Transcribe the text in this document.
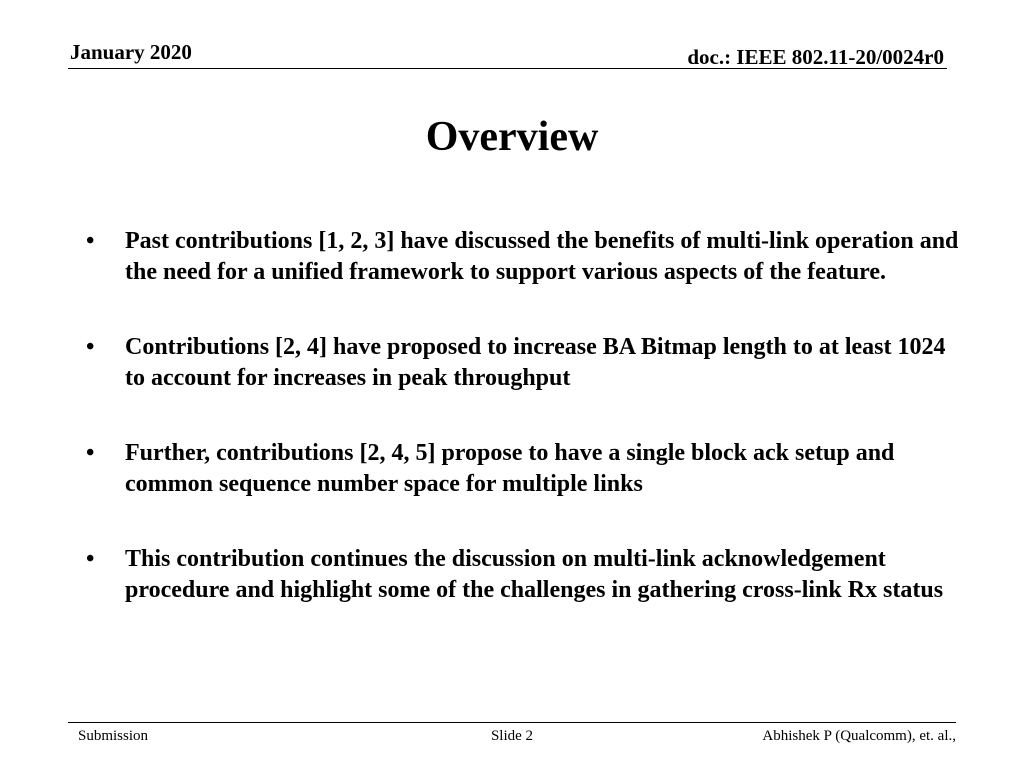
January 2020	doc.: IEEE 802.11-20/0024r0
Overview
• Past contributions [1, 2, 3] have discussed the benefits of multi-link operation and the need for a unified framework to support various aspects of the feature.
• Contributions [2, 4] have proposed to increase BA Bitmap length to at least 1024 to account for increases in peak throughput
• Further, contributions [2, 4, 5] propose to have a single block ack setup and common sequence number space for multiple links
• This contribution continues the discussion on multi-link acknowledgement procedure and highlight some of the challenges in gathering cross-link Rx status
Submission	Slide 2	Abhishek P (Qualcomm), et. al.,
